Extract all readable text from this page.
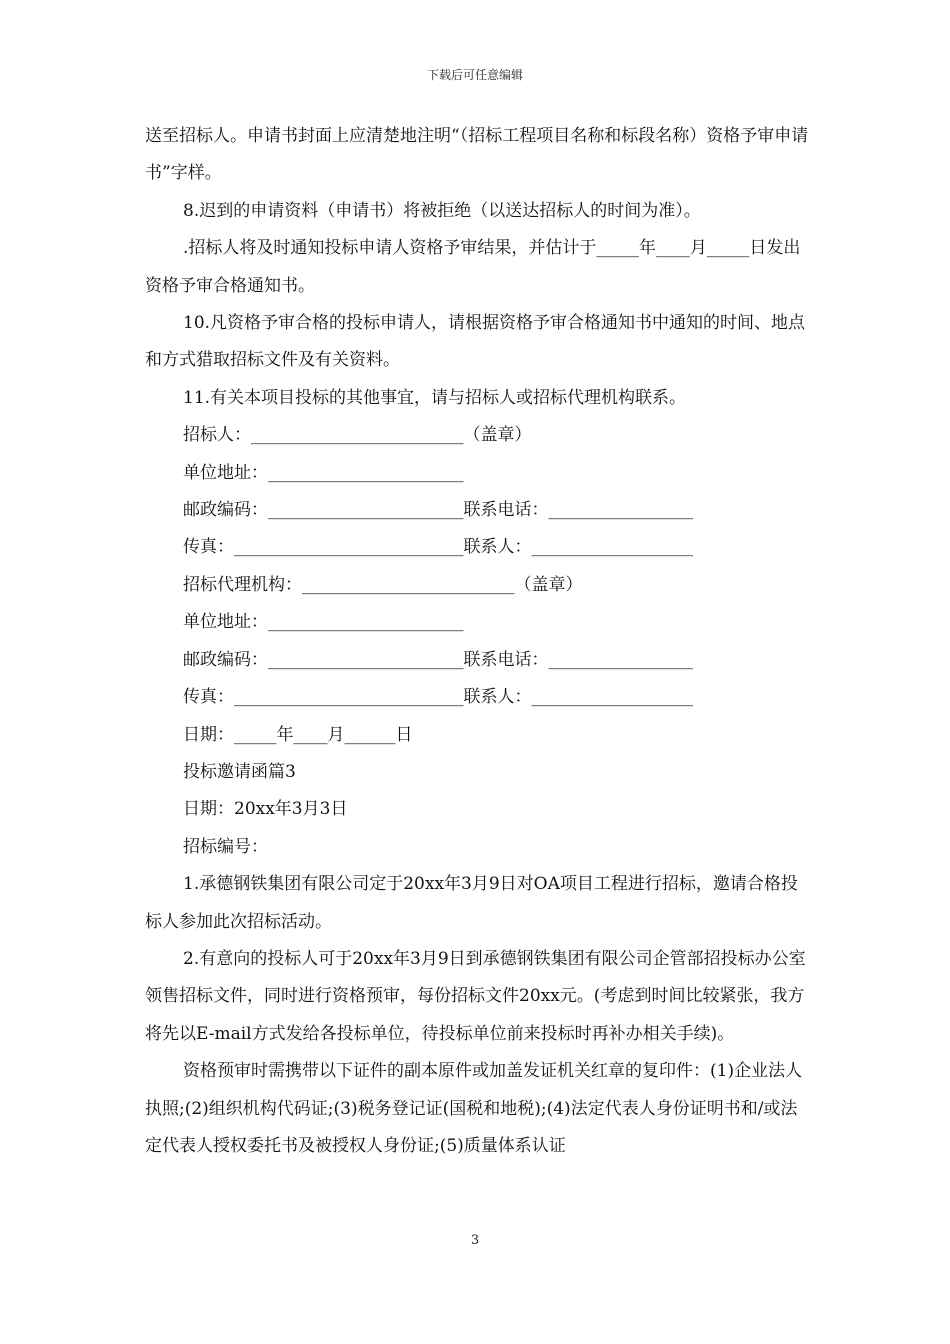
下载后可任意编辑

送至招标人。申请书封面上应清楚地注明“（招标工程项目名称和标段名称）资格予审申请书”字样。

8.迟到的申请资料（申请书）将被拒绝（以送达招标人的时间为准）。

.招标人将及时通知投标申请人资格予审结果，并估计于_____年____月_____日发出资格予审合格通知书。

10.凡资格予审合格的投标申请人，请根据资格予审合格通知书中通知的时间、地点和方式猎取招标文件及有关资料。

11.有关本项目投标的其他事宜，请与招标人或招标代理机构联系。

招标人：_________________________（盖章）

单位地址：_______________________

邮政编码：_______________________联系电话：_________________

传真：___________________________联系人：___________________

招标代理机构：_________________________（盖章）

单位地址：_______________________

邮政编码：_______________________联系电话：_________________

传真：___________________________联系人：___________________

日期：_____年____月______日

投标邀请函篇3

日期：20xx年3月3日

招标编号：

1.承德钢铁集团有限公司定于20xx年3月9日对OA项目工程进行招标，邀请合格投标人参加此次招标活动。

2.有意向的投标人可于20xx年3月9日到承德钢铁集团有限公司企管部招投标办公室领售招标文件，同时进行资格预审，每份招标文件20xx元。(考虑到时间比较紧张，我方将先以E-mail方式发给各投标单位，待投标单位前来投标时再补办相关手续)。

资格预审时需携带以下证件的副本原件或加盖发证机关红章的复印件：(1)企业法人执照;(2)组织机构代码证;(3)税务登记证(国税和地税);(4)法定代表人身份证明书和/或法定代表人授权委托书及被授权人身份证;(5)质量体系认证

3
